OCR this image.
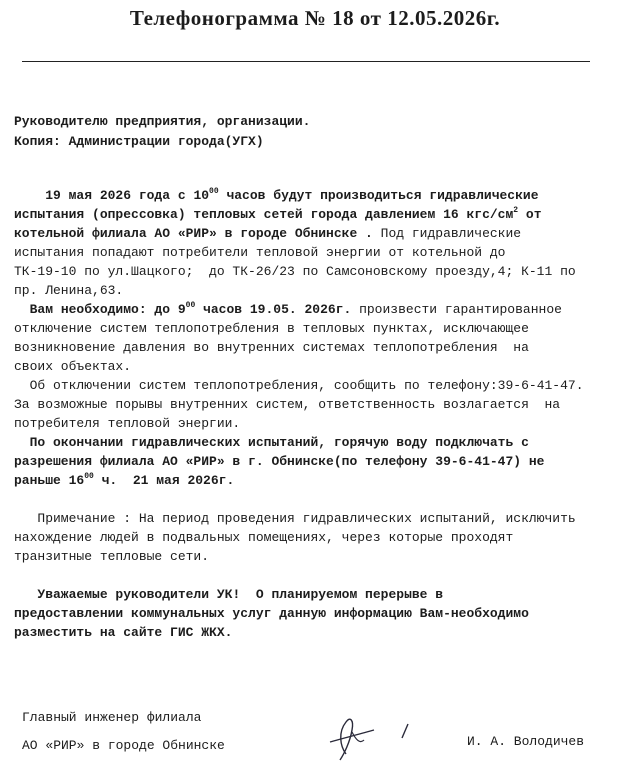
Телефонограмма № 18 от 12.05.2026г.
Руководителю предприятия, организации.
Копия: Администрации города(УГХ)

19 мая 2026 года с $10^{00}$ часов будут производиться гидравлические
испытания (опрессовка) тепловых сетей города давлением 16 кгс/$см^2$ от
котельной филиала АО «РИР» в городе Обнинске . Под гидравлические
испытания попадают потребители тепловой энергии от котельной до
ТК-19-10 по ул.Шацкого;  до ТК-26/23 по Самсоновскому проезду,4; К-11 по
пр. Ленина,63.

Вам необходимо: до $9^{00}$ часов 19.05. 2026г. произвести гарантированное
отключение систем теплопотребления в тепловых пунктах, исключающее
возникновение давления во внутренних системах теплопотребления  на
своих объектах.

Об отключении систем теплопотребления, сообщить по телефону:39-6-41-47.
За возможные порывы внутренних систем, ответственность возлагается  на
потребителя тепловой энергии.

По окончании гидравлических испытаний, горячую воду подключать с
разрешения филиала АО «РИР» в г. Обнинске(по телефону 39-6-41-47) не
раньше $16^{00}$ ч.  21 мая 2026г.

Примечание : На период проведения гидравлических испытаний, исключить
нахождение людей в подвальных помещениях, через которые проходят
транзитные тепловые сети.

Уважаемые руководители УК!  О планируемом перерыве в
предоставлении коммунальных услуг данную информацию Вам-необходимо
разместить на сайте ГИС ЖКХ.

Главный инженер филиала
АО «РИР» в городе Обнинске	И. А. Володичев
